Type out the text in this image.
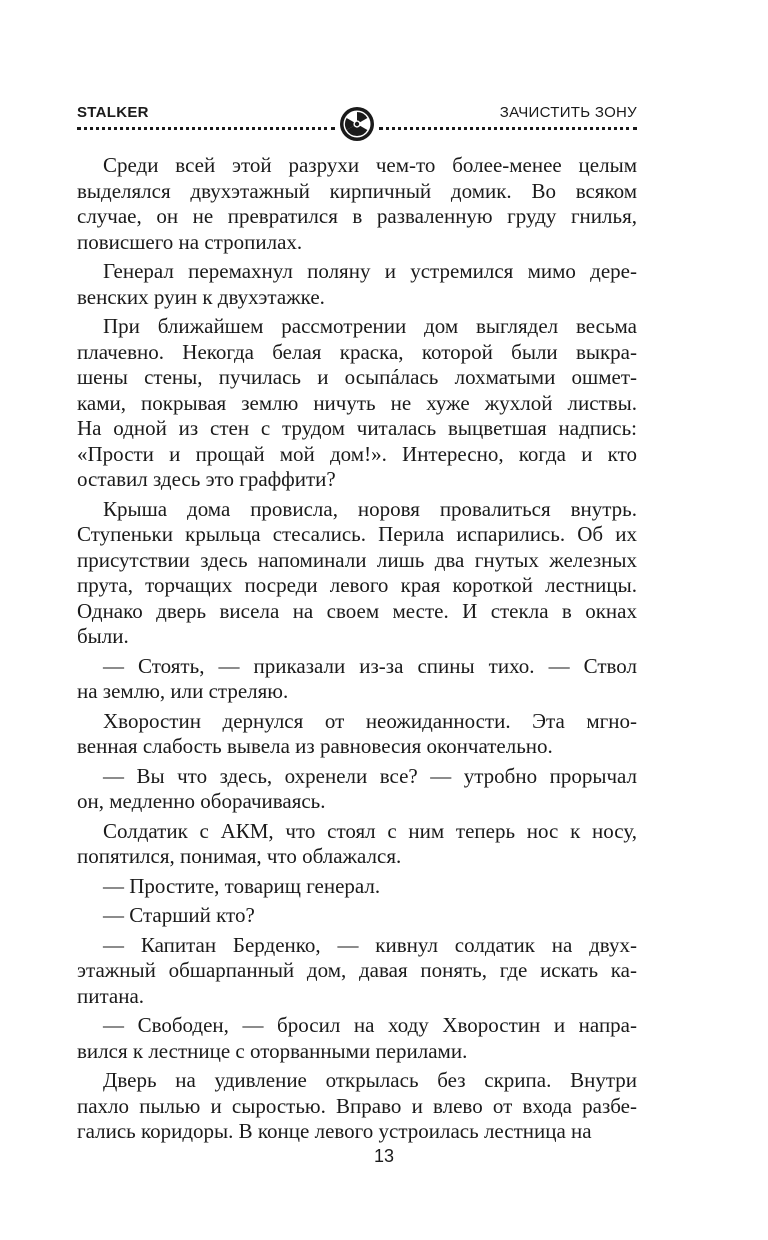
STALKER	ЗАЧИСТИТЬ ЗОНУ

Среди всей этой разрухи чем-то более-менее целым
выделялся двухэтажный кирпичный домик. Во всяком
случае, он не превратился в разваленную груду гнилья,
повисшего на стропилах.

Генерал перемахнул поляну и устремился мимо дере-
венских руин к двухэтажке.

При ближайшем рассмотрении дом выглядел весьма
плачевно. Некогда белая краска, которой были выкра-
шены стены, пучилась и осыпáлась лохматыми ошмет-
ками, покрывая землю ничуть не хуже жухлой листвы.
На одной из стен с трудом читалась выцветшая надпись:
«Прости и прощай мой дом!». Интересно, когда и кто
оставил здесь это граффити?

Крыша дома провисла, норовя провалиться внутрь.
Ступеньки крыльца стесались. Перила испарились. Об их
присутствии здесь напоминали лишь два гнутых железных
прута, торчащих посреди левого края короткой лестницы.
Однако дверь висела на своем месте. И стекла в окнах
были.

— Стоять, — приказали из-за спины тихо. — Ствол
на землю, или стреляю.

Хворостин дернулся от неожиданности. Эта мгно-
венная слабость вывела из равновесия окончательно.

— Вы что здесь, охренели все? — утробно прорычал
он, медленно оборачиваясь.

Солдатик с АКМ, что стоял с ним теперь нос к носу,
попятился, понимая, что облажался.

— Простите, товарищ генерал.

— Старший кто?

— Капитан Берденко, — кивнул солдатик на двух-
этажный обшарпанный дом, давая понять, где искать ка-
питана.

— Свободен, — бросил на ходу Хворостин и напра-
вился к лестнице с оторванными перилами.

Дверь на удивление открылась без скрипа. Внутри
пахло пылью и сыростью. Вправо и влево от входа разбе-
гались коридоры. В конце левого устроилась лестница на

13
